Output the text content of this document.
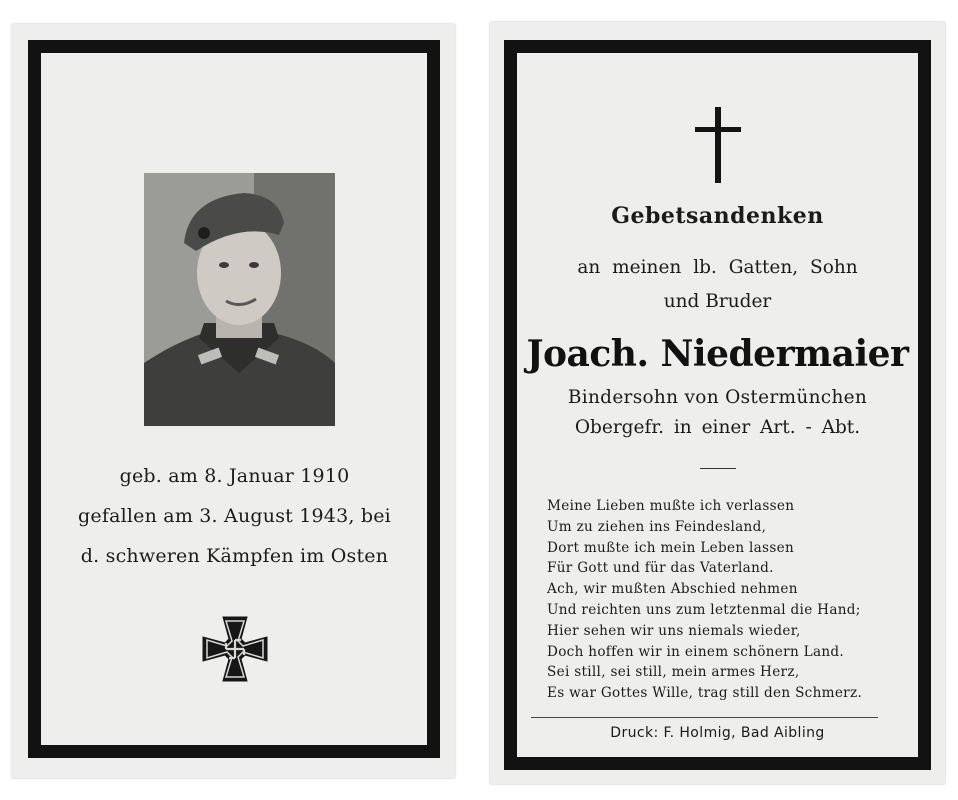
geb. am 8. Januar 1910
gefallen am 3. August 1943, bei
d. schweren Kämpfen im Osten
Gebetsandenken
an meinen lb. Gatten, Sohn
und Bruder
Joach. Niedermaier
Bindersohn von Ostermünchen
Obergefr. in einer Art. - Abt.
Meine Lieben mußte ich verlassen
Um zu ziehen ins Feindesland,
Dort mußte ich mein Leben lassen
Für Gott und für das Vaterland.
Ach, wir mußten Abschied nehmen
Und reichten uns zum letztenmal die Hand;
Hier sehen wir uns niemals wieder,
Doch hoffen wir in einem schönern Land.
Sei still, sei still, mein armes Herz,
Es war Gottes Wille, trag still den Schmerz.
Druck: F. Holmig, Bad Aibling
